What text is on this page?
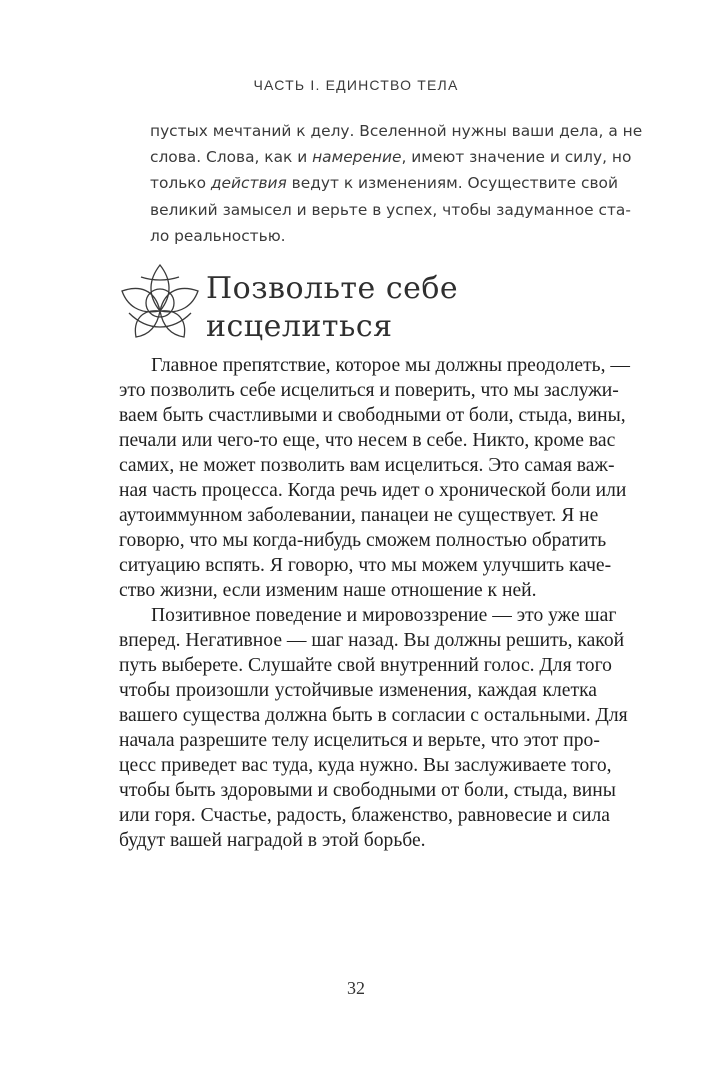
ЧАСТЬ I. ЕДИНСТВО ТЕЛА
пустых мечтаний к делу. Вселенной нужны ваши дела, а не
слова. Слова, как и намерение, имеют значение и силу, но
только действия ведут к изменениям. Осуществите свой
великий замысел и верьте в успех, чтобы задуманное ста-
ло реальностью.
Позвольте себе
исцелиться
Главное препятствие, которое мы должны преодолеть, —
это позволить себе исцелиться и поверить, что мы заслужи-
ваем быть счастливыми и свободными от боли, стыда, вины,
печали или чего-то еще, что несем в себе. Никто, кроме вас
самих, не может позволить вам исцелиться. Это самая важ-
ная часть процесса. Когда речь идет о хронической боли или
аутоиммунном заболевании, панацеи не существует. Я не
говорю, что мы когда-нибудь сможем полностью обратить
ситуацию вспять. Я говорю, что мы можем улучшить каче-
ство жизни, если изменим наше отношение к ней.
Позитивное поведение и мировоззрение — это уже шаг
вперед. Негативное — шаг назад. Вы должны решить, какой
путь выберете. Слушайте свой внутренний голос. Для того
чтобы произошли устойчивые изменения, каждая клетка
вашего существа должна быть в согласии с остальными. Для
начала разрешите телу исцелиться и верьте, что этот про-
цесс приведет вас туда, куда нужно. Вы заслуживаете того,
чтобы быть здоровыми и свободными от боли, стыда, вины
или горя. Счастье, радость, блаженство, равновесие и сила
будут вашей наградой в этой борьбе.
32
